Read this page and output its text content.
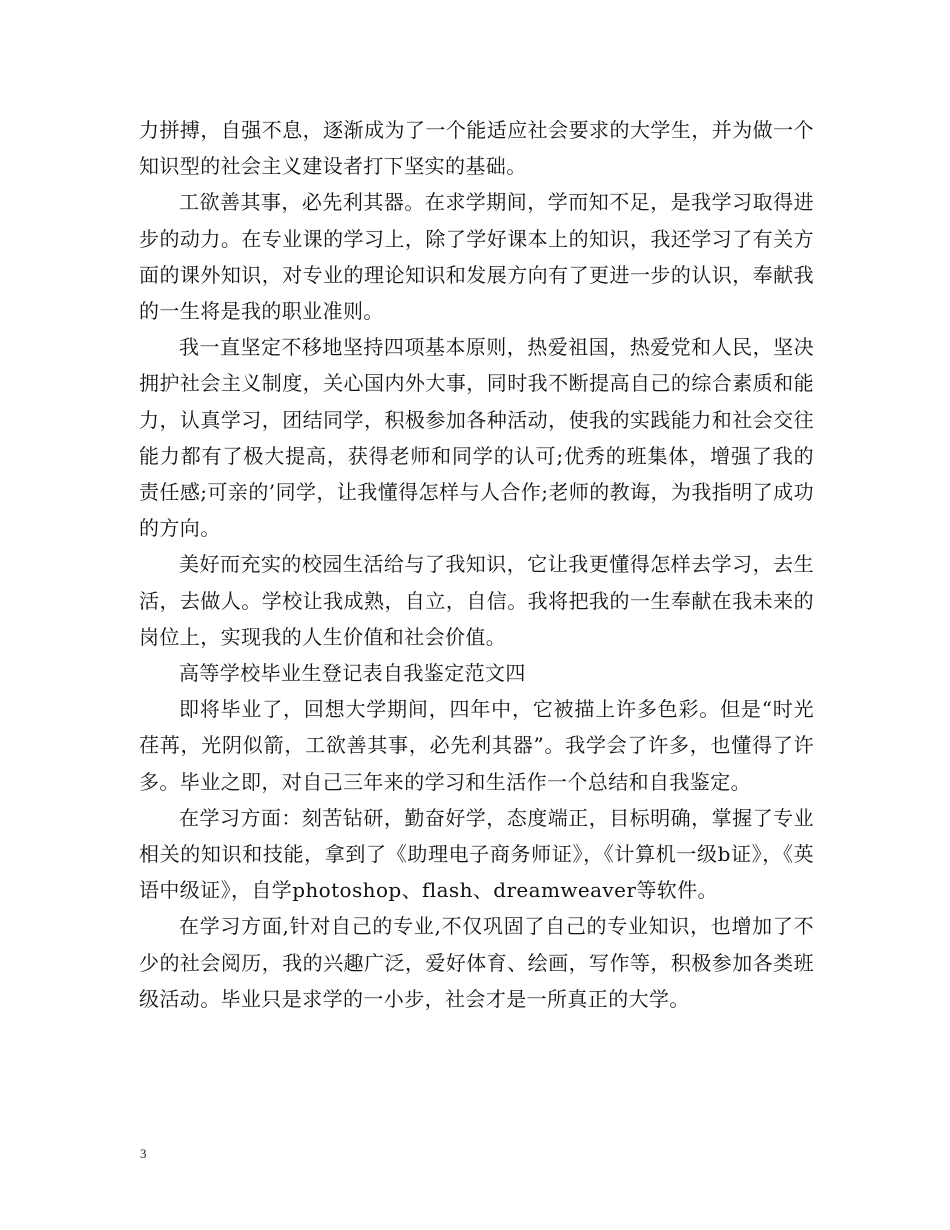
力拼搏，自强不息，逐渐成为了一个能适应社会要求的大学生，并为做一个知识型的社会主义建设者打下坚实的基础。

工欲善其事，必先利其器。在求学期间，学而知不足，是我学习取得进步的动力。在专业课的学习上，除了学好课本上的知识，我还学习了有关方面的课外知识，对专业的理论知识和发展方向有了更进一步的认识，奉献我的一生将是我的职业准则。

我一直坚定不移地坚持四项基本原则，热爱祖国，热爱党和人民，坚决拥护社会主义制度，关心国内外大事，同时我不断提高自己的综合素质和能力，认真学习，团结同学，积极参加各种活动，使我的实践能力和社会交往能力都有了极大提高，获得老师和同学的认可;优秀的班集体，增强了我的责任感;可亲的’同学，让我懂得怎样与人合作;老师的教诲，为我指明了成功的方向。

美好而充实的校园生活给与了我知识，它让我更懂得怎样去学习，去生活，去做人。学校让我成熟，自立，自信。我将把我的一生奉献在我未来的岗位上，实现我的人生价值和社会价值。

高等学校毕业生登记表自我鉴定范文四

即将毕业了，回想大学期间，四年中，它被描上许多色彩。但是“时光荏苒，光阴似箭，工欲善其事，必先利其器”。我学会了许多，也懂得了许多。毕业之即，对自己三年来的学习和生活作一个总结和自我鉴定。

在学习方面：刻苦钻研，勤奋好学，态度端正，目标明确，掌握了专业相关的知识和技能，拿到了《助理电子商务师证》，《计算机一级b证》，《英语中级证》，自学photoshop、flash、dreamweaver等软件。

在学习方面,针对自己的专业,不仅巩固了自己的专业知识，也增加了不少的社会阅历，我的兴趣广泛，爱好体育、绘画，写作等，积极参加各类班级活动。毕业只是求学的一小步，社会才是一所真正的大学。

3
